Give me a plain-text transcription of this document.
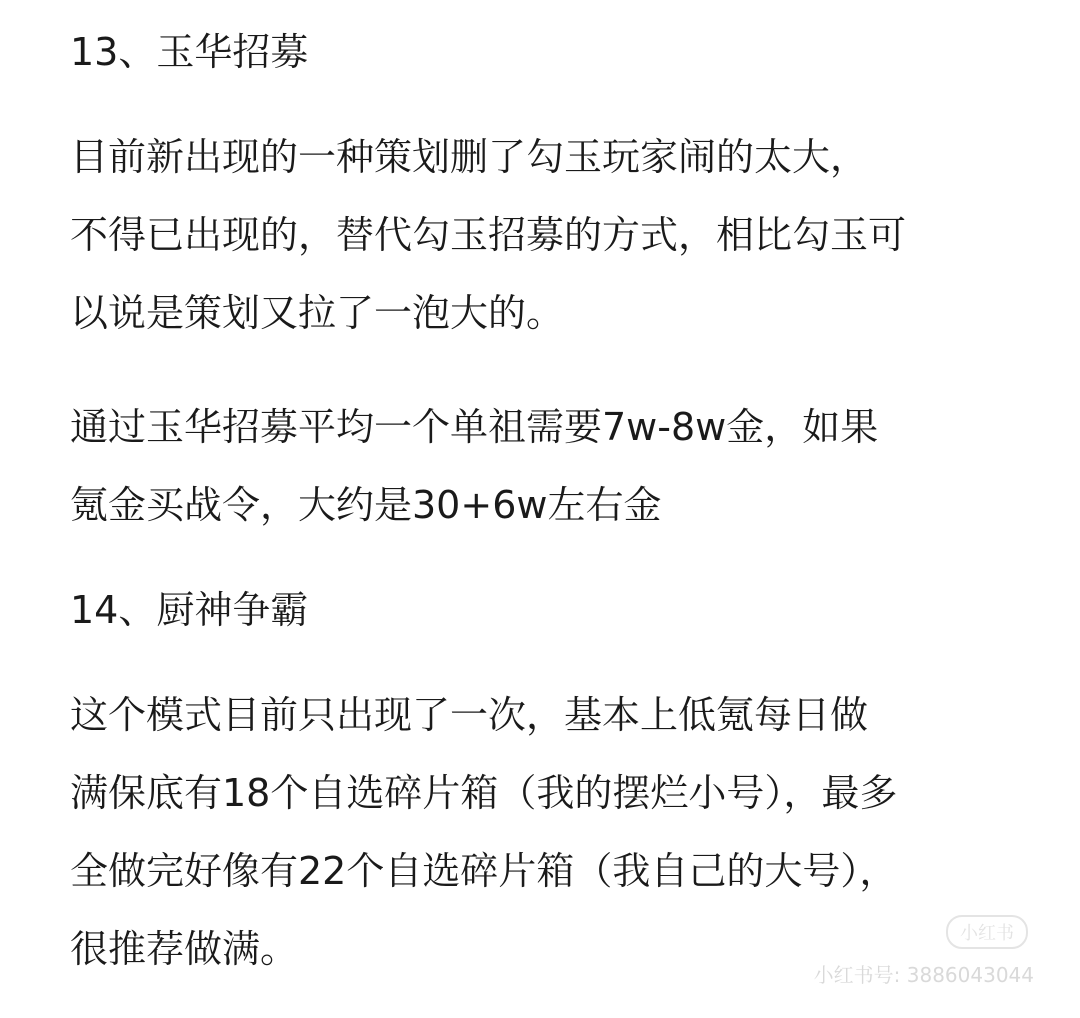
13、玉华招募
目前新出现的一种策划删了勾玉玩家闹的太大，
不得已出现的，替代勾玉招募的方式，相比勾玉可
以说是策划又拉了一泡大的。
通过玉华招募平均一个单祖需要7w-8w金，如果
氪金买战令，大约是30+6w左右金
14、厨神争霸
这个模式目前只出现了一次，基本上低氪每日做
满保底有18个自选碎片箱（我的摆烂小号），最多
全做完好像有22个自选碎片箱（我自己的大号），
很推荐做满。	小红书
小红书号: 3886043044
